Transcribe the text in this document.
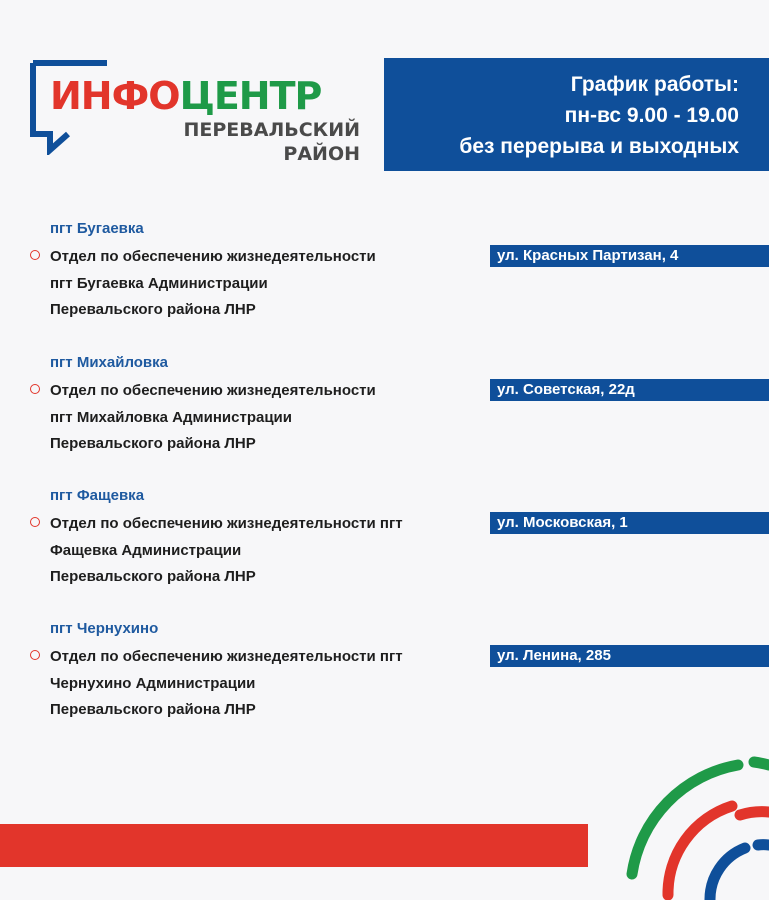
ИНФОЦЕНТР
ПЕРЕВАЛЬСКИЙ
РАЙОН
График работы:
пн-вс 9.00 - 19.00
без перерыва и выходных
пгт Бугаевка
Отдел по обеспечению жизнедеятельности
пгт Бугаевка Администрации
Перевальского района ЛНР
ул. Красных Партизан, 4
пгт Михайловка
Отдел по обеспечению жизнедеятельности
пгт Михайловка Администрации
Перевальского района ЛНР
ул. Советская, 22д
пгт Фащевка
Отдел по обеспечению жизнедеятельности пгт
Фащевка Администрации
Перевальского района ЛНР
ул. Московская, 1
пгт Чернухино
Отдел по обеспечению жизнедеятельности пгт
Чернухино Администрации
Перевальского района ЛНР
ул. Ленина, 285
